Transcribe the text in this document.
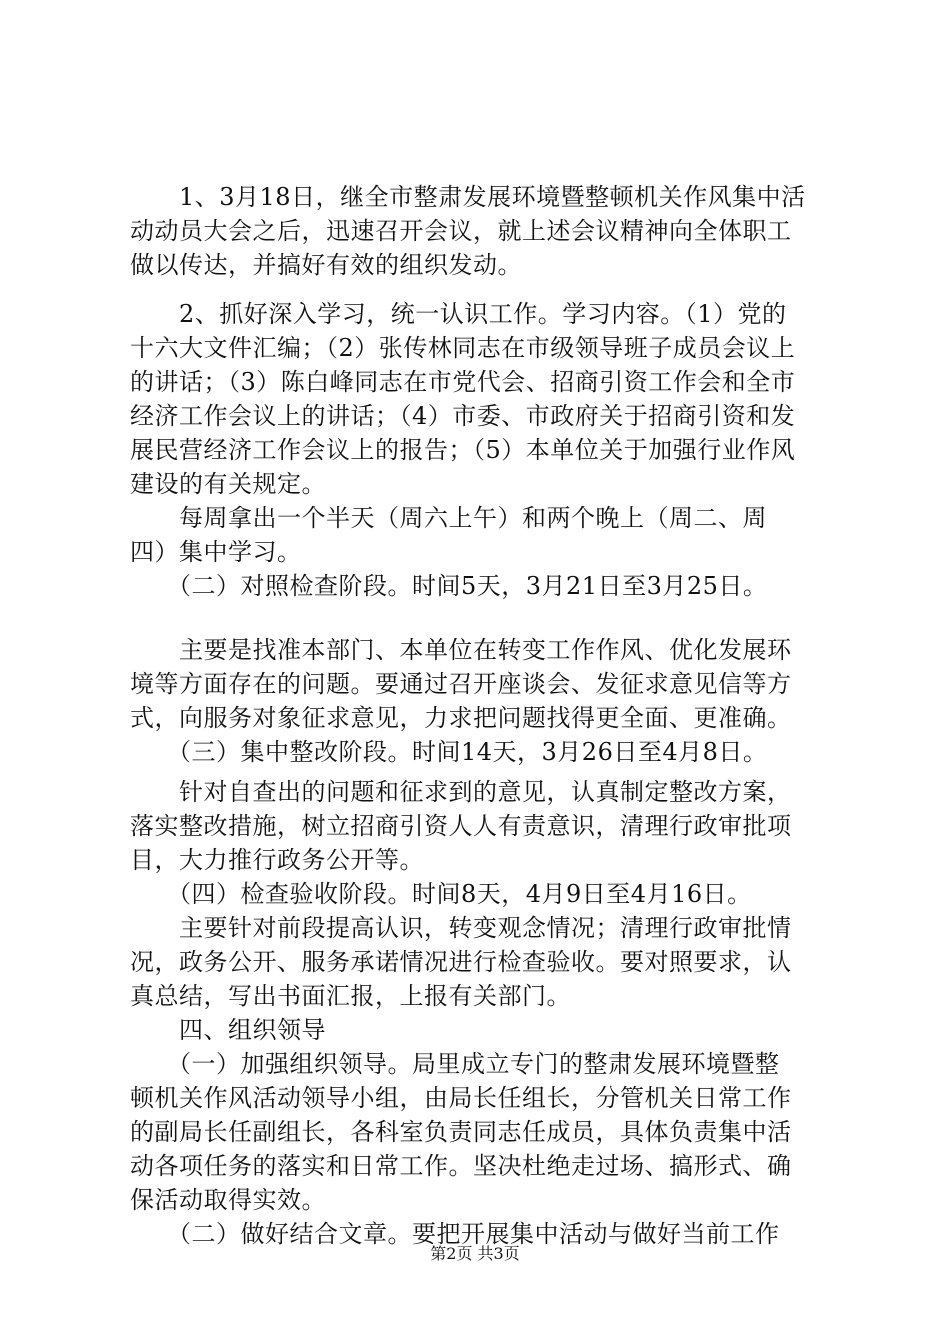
　　1、3月18日，继全市整肃发展环境暨整顿机关作风集中活
动动员大会之后，迅速召开会议，就上述会议精神向全体职工
做以传达，并搞好有效的组织发动。
　　2、抓好深入学习，统一认识工作。学习内容。（1）党的
十六大文件汇编；（2）张传林同志在市级领导班子成员会议上
的讲话；（3）陈白峰同志在市党代会、招商引资工作会和全市
经济工作会议上的讲话；（4）市委、市政府关于招商引资和发
展民营经济工作会议上的报告；（5）本单位关于加强行业作风
建设的有关规定。
　　每周拿出一个半天（周六上午）和两个晚上（周二、周
四）集中学习。
　　（二）对照检查阶段。时间5天，3月21日至3月25日。
　　主要是找准本部门、本单位在转变工作作风、优化发展环
境等方面存在的问题。要通过召开座谈会、发征求意见信等方
式，向服务对象征求意见，力求把问题找得更全面、更准确。
　　（三）集中整改阶段。时间14天，3月26日至4月8日。
　　针对自查出的问题和征求到的意见，认真制定整改方案，
落实整改措施，树立招商引资人人有责意识，清理行政审批项
目，大力推行政务公开等。
　　（四）检查验收阶段。时间8天，4月9日至4月16日。
　　主要针对前段提高认识，转变观念情况；清理行政审批情
况，政务公开、服务承诺情况进行检查验收。要对照要求，认
真总结，写出书面汇报，上报有关部门。
　　四、组织领导
　　（一）加强组织领导。局里成立专门的整肃发展环境暨整
顿机关作风活动领导小组，由局长任组长，分管机关日常工作
的副局长任副组长，各科室负责同志任成员，具体负责集中活
动各项任务的落实和日常工作。坚决杜绝走过场、搞形式、确
保活动取得实效。
第2页 共3页
　　（二）做好结合文章。要把开展集中活动与做好当前工作
